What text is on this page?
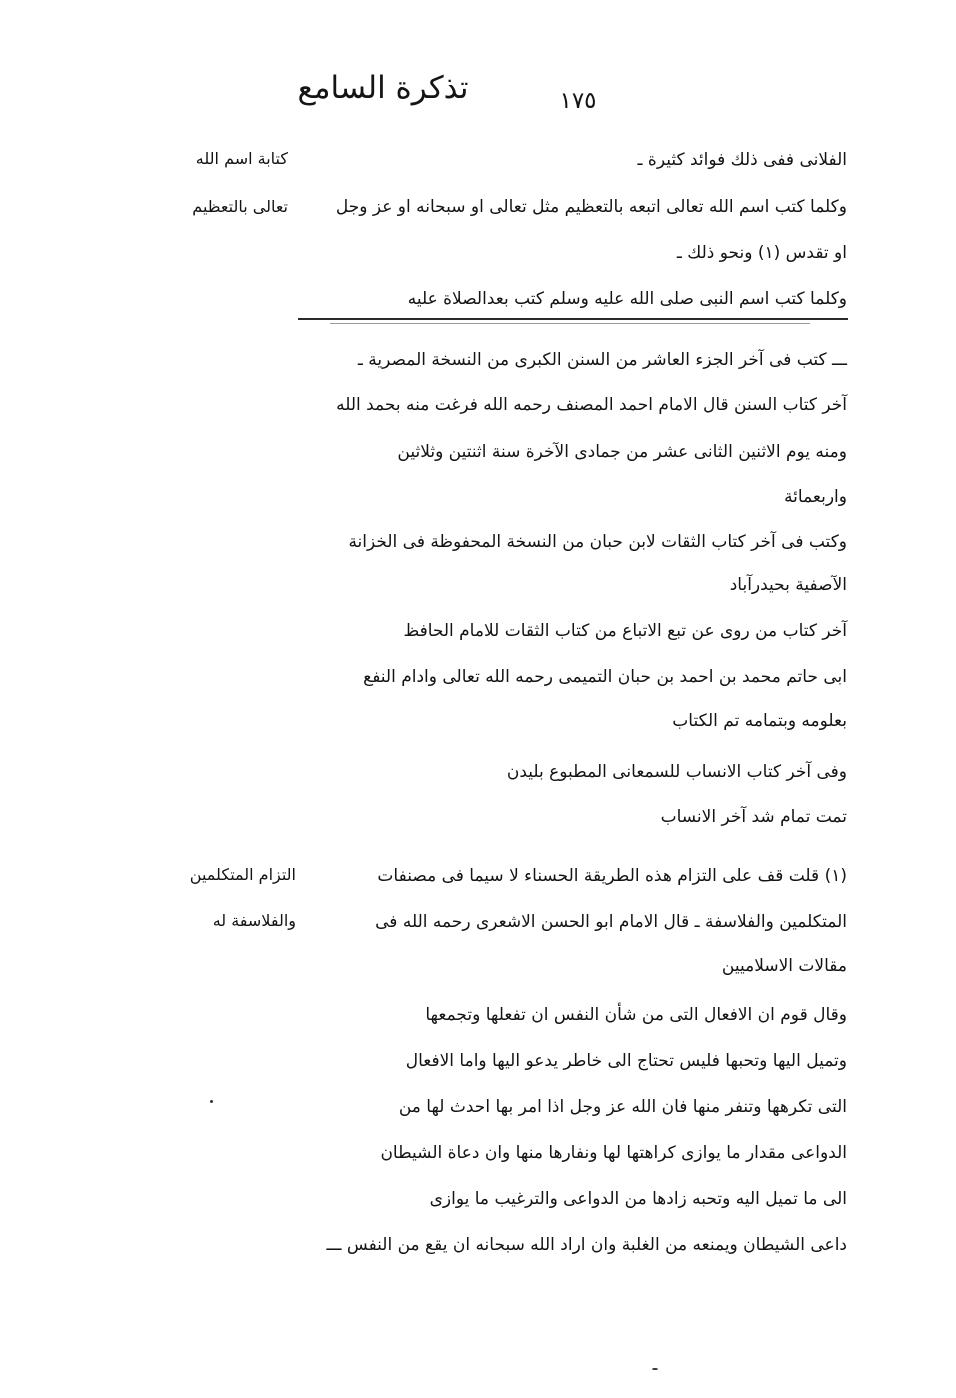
تذكرة السامع	١٧٥
كتابة اسم الله
تعالى بالتعظيم
التزام المتكلمين
والفلاسفة له
الفلانى ففى ذلك فوائد كثيرة ـ
وكلما كتب اسم الله تعالى اتبعه بالتعظيم مثل تعالى او سبحانه او عز وجل
او تقدس (١) ونحو ذلك ـ
وكلما كتب اسم النبى صلى الله عليه وسلم كتب بعدالصلاة عليه
ـــ كتب فى آخر الجزء العاشر من السنن الكبرى من النسخة المصرية ـ
آخر كتاب السنن قال الامام احمد المصنف رحمه الله فرغت منه بحمد الله
ومنه يوم الاثنين الثانى عشر من جمادى الآخرة سنة اثنتين وثلاثين
واربعمائة
وكتب فى آخر كتاب الثقات لابن حبان من النسخة المحفوظة فى الخزانة
الآصفية بحيدرآباد
آخر كتاب من روى عن تبع الاتباع من كتاب الثقات للامام الحافظ
ابى حاتم محمد بن احمد بن حبان التميمى رحمه الله تعالى وادام النفع
بعلومه وبتمامه تم الكتاب
وفى آخر كتاب الانساب للسمعانى المطبوع بليدن
تمت تمام شد آخر الانساب
(١) قلت قف على التزام هذه الطريقة الحسناء لا سيما فى مصنفات
المتكلمين والفلاسفة ـ قال الامام ابو الحسن الاشعرى رحمه الله فى
مقالات الاسلاميين
وقال قوم ان الافعال التى من شأن النفس ان تفعلها وتجمعها
وتميل اليها وتحبها فليس تحتاج الى خاطر يدعو اليها واما الافعال
التى تكرهها وتنفر منها فان الله عز وجل اذا امر بها احدث لها من
الدواعى مقدار ما يوازى كراهتها لها ونفارها منها وان دعاة الشيطان
الى ما تميل اليه وتحبه زادها من الدواعى والترغيب ما يوازى
داعى الشيطان ويمنعه من الغلبة وان اراد الله سبحانه ان يقع من النفس ـــ
